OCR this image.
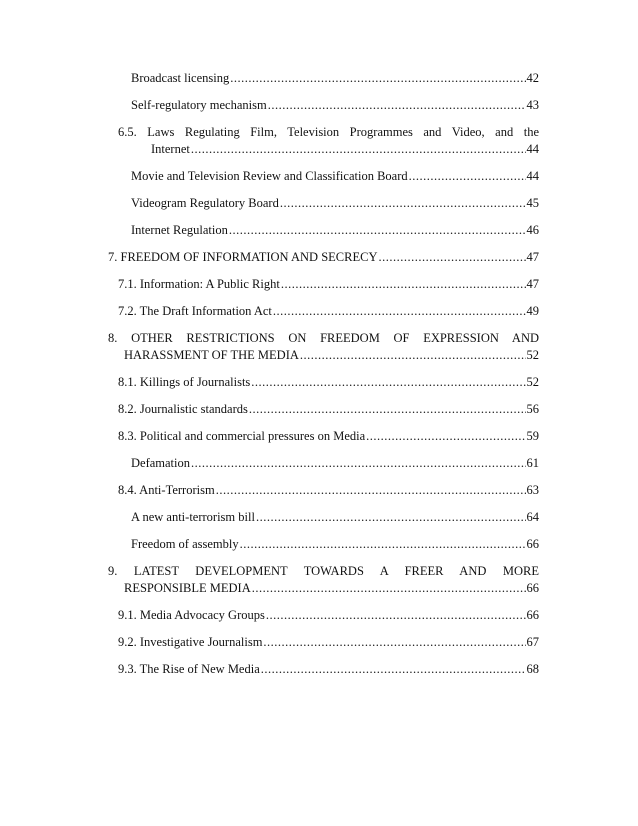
Broadcast licensing .....	42
Self-regulatory mechanism .....	43
6.5. Laws Regulating Film, Television Programmes and Video, and the
Internet .....	44
Movie and Television Review and Classification Board .....	44
Videogram Regulatory Board .....	45
Internet Regulation .....	46
7. FREEDOM OF INFORMATION AND SECRECY .....	47
7.1. Information: A Public Right .....	47
7.2. The Draft Information Act .....	49
8. OTHER RESTRICTIONS ON FREEDOM OF EXPRESSION AND
HARASSMENT OF THE MEDIA .....	52
8.1. Killings of Journalists .....	52
8.2. Journalistic standards .....	56
8.3. Political and commercial pressures on Media .....	59
Defamation .....	61
8.4. Anti-Terrorism .....	63
A new anti-terrorism bill .....	64
Freedom of assembly .....	66
9. LATEST DEVELOPMENT TOWARDS A FREER AND MORE
RESPONSIBLE MEDIA .....	66
9.1. Media Advocacy Groups .....	66
9.2. Investigative Journalism .....	67
9.3. The Rise of New Media .....	68
